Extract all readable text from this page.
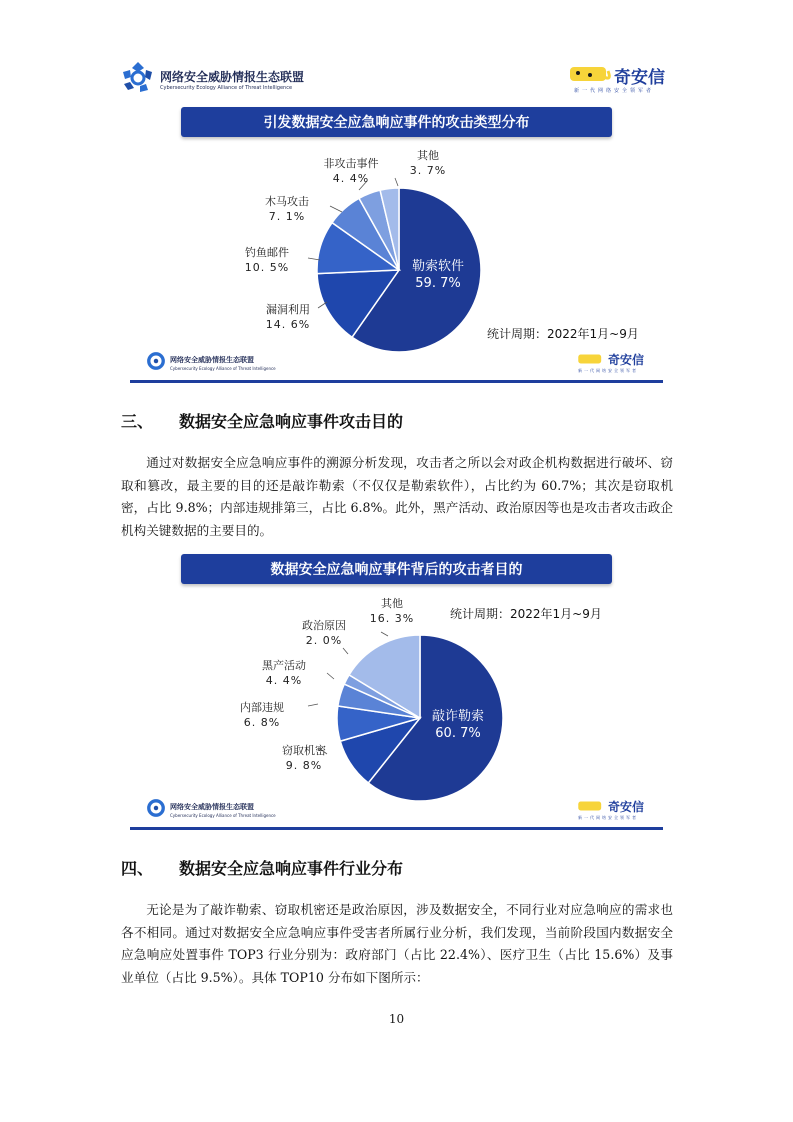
网络安全威胁情报生态联盟
Cybersecurity Ecology Alliance of Threat Intelligence	奇安信
新一代网络安全领军者
引发数据安全应急响应事件的攻击类型分布
非攻击事件
4. 4%
其他
3. 7%
木马攻击
7. 1%
钓鱼邮件
10. 5%
漏洞利用
14. 6%
勒索软件
59. 7%
统计周期：2022年1月~9月
网络安全威胁情报生态联盟
Cybersecurity Ecology Alliance of Threat Intelligence
奇安信
新一代网络安全领军者
三、 数据安全应急响应事件攻击目的
通过对数据安全应急响应事件的溯源分析发现，攻击者之所以会对政企机构数据进行破坏、窃取和篡改，最主要的目的还是敲诈勒索（不仅仅是勒索软件），占比约为 60.7%；其次是窃取机密，占比 9.8%；内部违规排第三，占比 6.8%。此外，黑产活动、政治原因等也是攻击者攻击政企机构关键数据的主要目的。
数据安全应急响应事件背后的攻击者目的
统计周期：2022年1月~9月
其他
16. 3%
政治原因
2. 0%
黑产活动
4. 4%
内部违规
6. 8%
窃取机密
9. 8%
敲诈勒索
60. 7%
网络安全威胁情报生态联盟
Cybersecurity Ecology Alliance of Threat Intelligence
奇安信
新一代网络安全领军者
四、 数据安全应急响应事件行业分布
无论是为了敲诈勒索、窃取机密还是政治原因，涉及数据安全，不同行业对应急响应的需求也各不相同。通过对数据安全应急响应事件受害者所属行业分析，我们发现，当前阶段国内数据安全应急响应处置事件 TOP3 行业分别为：政府部门（占比 22.4%）、医疗卫生（占比 15.6%）及事业单位（占比 9.5%）。具体 TOP10 分布如下图所示：
10
